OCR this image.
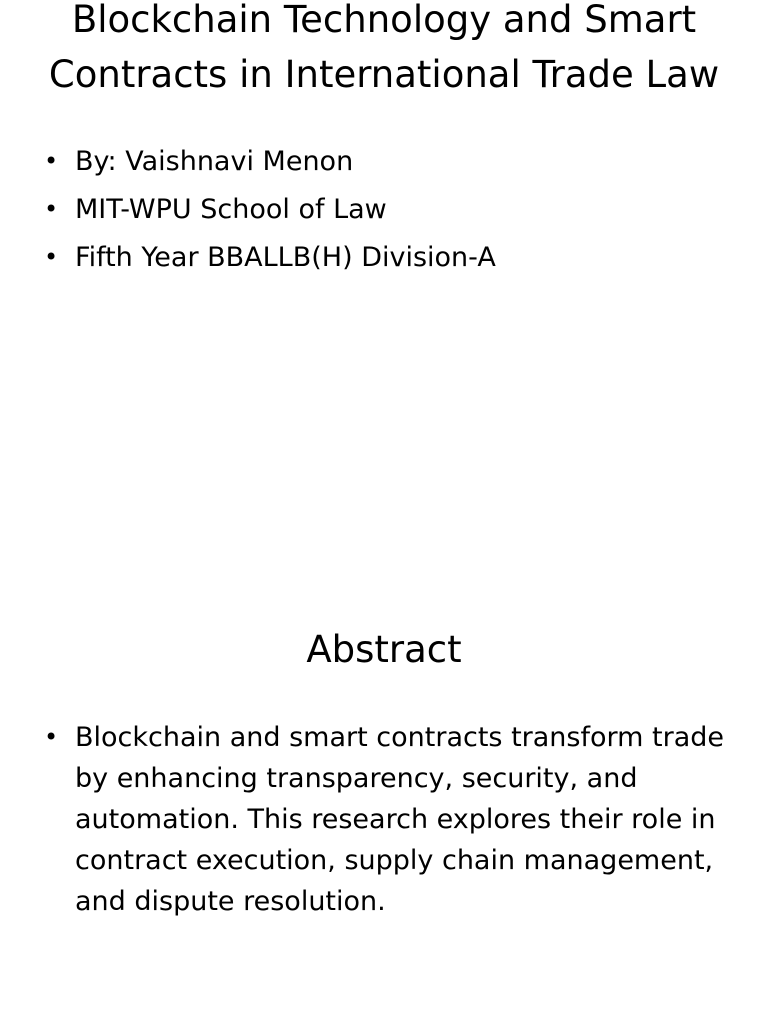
Blockchain Technology and Smart Contracts in International Trade Law
• By: Vaishnavi Menon
• MIT-WPU School of Law
• Fifth Year BBALLB(H) Division-A
Abstract
• Blockchain and smart contracts transform trade by enhancing transparency, security, and automation. This research explores their role in contract execution, supply chain management, and dispute resolution.
